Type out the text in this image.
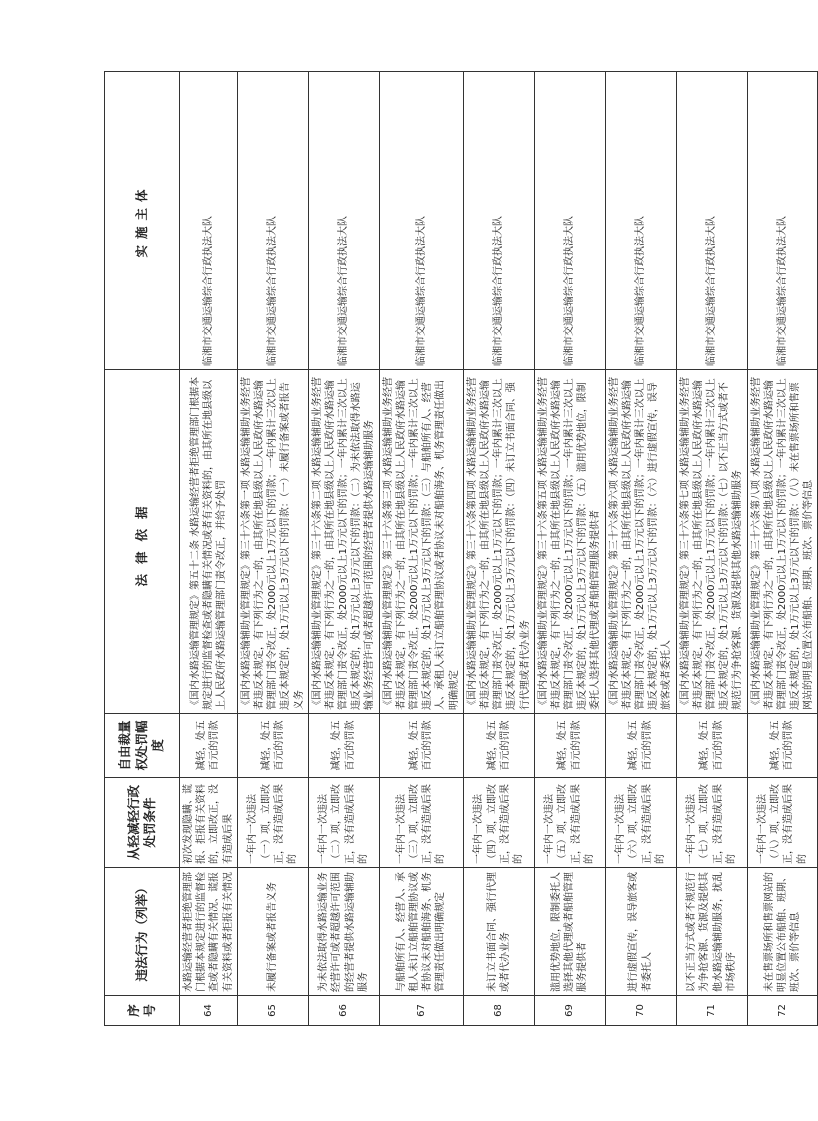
序号	违法行为（列举）	从轻减轻行政处罚条件	自由裁量权处罚幅度	法律依据	实施主体
64	水路运输经营者拒绝管理部门根据本规定进行的监督检查或者隐瞒有关情况、谎报有关资料或者拒报有关情况	初次发现隐瞒、谎报、拒报有关资料的，立即改正，没有造成后果	减轻，处五百元的罚款	《国内水路运输管理规定》第五十二条 水路运输经营者拒绝管理部门根据本规定进行的监督检查或者隐瞒有关情况或者有关资料的，由其所在地县级以上人民政府水路运输管理部门责令改正，并给予处罚	临湘市交通运输综合行政执法大队
65	未履行备案或者报告义务	一年内一次违法（一）项，立即改正，没有造成后果的	减轻，处五百元的罚款	《国内水路运输辅助业管理规定》第三十六条第一项 水路运输辅助业务经营者违反本规定，有下列行为之一的，由其所在地县级以上人民政府水路运输管理部门责令改正，处2000元以上1万元以下的罚款；一年内累计三次以上违反本规定的，处1万元以上3万元以下的罚款：（一）未履行备案或者报告义务	临湘市交通运输综合行政执法大队
66	为未依法取得水路运输业务经营许可或者超越许可范围的经营者提供水路运输辅助服务	一年内一次违法（二）项，立即改正，没有造成后果的	减轻，处五百元的罚款	《国内水路运输辅助业管理规定》第三十六条第二项 水路运输辅助业务经营者违反本规定，有下列行为之一的，由其所在地县级以上人民政府水路运输管理部门责令改正，处2000元以上1万元以下的罚款；一年内累计三次以上违反本规定的，处1万元以上3万元以下的罚款：（二）为未依法取得水路运输业务经营许可或者超越许可范围的经营者提供水路运输辅助服务	临湘市交通运输综合行政执法大队
67	与船舶所有人、经营人、承租人未订立船舶管理协议或者协议未对船舶海务、机务管理责任做出明确规定	一年内一次违法（三）项，立即改正，没有造成后果的	减轻，处五百元的罚款	《国内水路运输辅助业管理规定》第三十六条第三项 水路运输辅助业务经营者违反本规定，有下列行为之一的，由其所在地县级以上人民政府水路运输管理部门责令改正，处2000元以上1万元以下的罚款；一年内累计三次以上违反本规定的，处1万元以上3万元以下的罚款：（三）与船舶所有人、经营人、承租人未订立船舶管理协议或者协议未对船舶海务、机务管理责任做出明确规定	临湘市交通运输综合行政执法大队
68	未订立书面合同、强行代理或者代办业务	一年内一次违法（四）项，立即改正，没有造成后果的	减轻，处五百元的罚款	《国内水路运输辅助业管理规定》第三十六条第四项 水路运输辅助业务经营者违反本规定，有下列行为之一的，由其所在地县级以上人民政府水路运输管理部门责令改正，处2000元以上1万元以下的罚款；一年内累计三次以上违反本规定的，处1万元以上3万元以下的罚款：（四）未订立书面合同、强行代理或者代办业务	临湘市交通运输综合行政执法大队
69	滥用优势地位，限制委托人选择其他代理或者船舶管理服务提供者	一年内一次违法（五）项，立即改正，没有造成后果的	减轻，处五百元的罚款	《国内水路运输辅助业管理规定》第三十六条第五项 水路运输辅助业务经营者违反本规定，有下列行为之一的，由其所在地县级以上人民政府水路运输管理部门责令改正，处2000元以上1万元以下的罚款；一年内累计三次以上违反本规定的，处1万元以上3万元以下的罚款：（五）滥用优势地位，限制委托人选择其他代理或者船舶管理服务提供者	临湘市交通运输综合行政执法大队
70	进行虚假宣传，误导旅客或者委托人	一年内一次违法（六）项，立即改正，没有造成后果的	减轻，处五百元的罚款	《国内水路运输辅助业管理规定》第三十六条第六项 水路运输辅助业务经营者违反本规定，有下列行为之一的，由其所在地县级以上人民政府水路运输管理部门责令改正，处2000元以上1万元以下的罚款；一年内累计三次以上违反本规定的，处1万元以上3万元以下的罚款：（六）进行虚假宣传，误导旅客或者委托人	临湘市交通运输综合行政执法大队
71	以不正当方式或者不规范行为争抢客源、货源及提供其他水路运输辅助服务，扰乱市场秩序	一年内一次违法（七）项，立即改正，没有造成后果的	减轻，处五百元的罚款	《国内水路运输辅助业管理规定》第三十六条第七项 水路运输辅助业务经营者违反本规定，有下列行为之一的，由其所在地县级以上人民政府水路运输管理部门责令改正，处2000元以上1万元以下的罚款；一年内累计三次以上违反本规定的，处1万元以上3万元以下的罚款：（七）以不正当方式或者不规范行为争抢客源、货源及提供其他水路运输辅助服务	临湘市交通运输综合行政执法大队
72	未在售票场所和售票网站的明显位置公布船舶、班期、班次、票价等信息	一年内一次违法（八）项，立即改正，没有造成后果的	减轻，处五百元的罚款	《国内水路运输辅助业管理规定》第三十六条第八项 水路运输辅助业务经营者违反本规定，有下列行为之一的，由其所在地县级以上人民政府水路运输管理部门责令改正，处2000元以上1万元以下的罚款；一年内累计三次以上违反本规定的，处1万元以上3万元以下的罚款：（八）未在售票场所和售票网站的明显位置公布船舶、班期、班次、票价等信息	临湘市交通运输综合行政执法大队
